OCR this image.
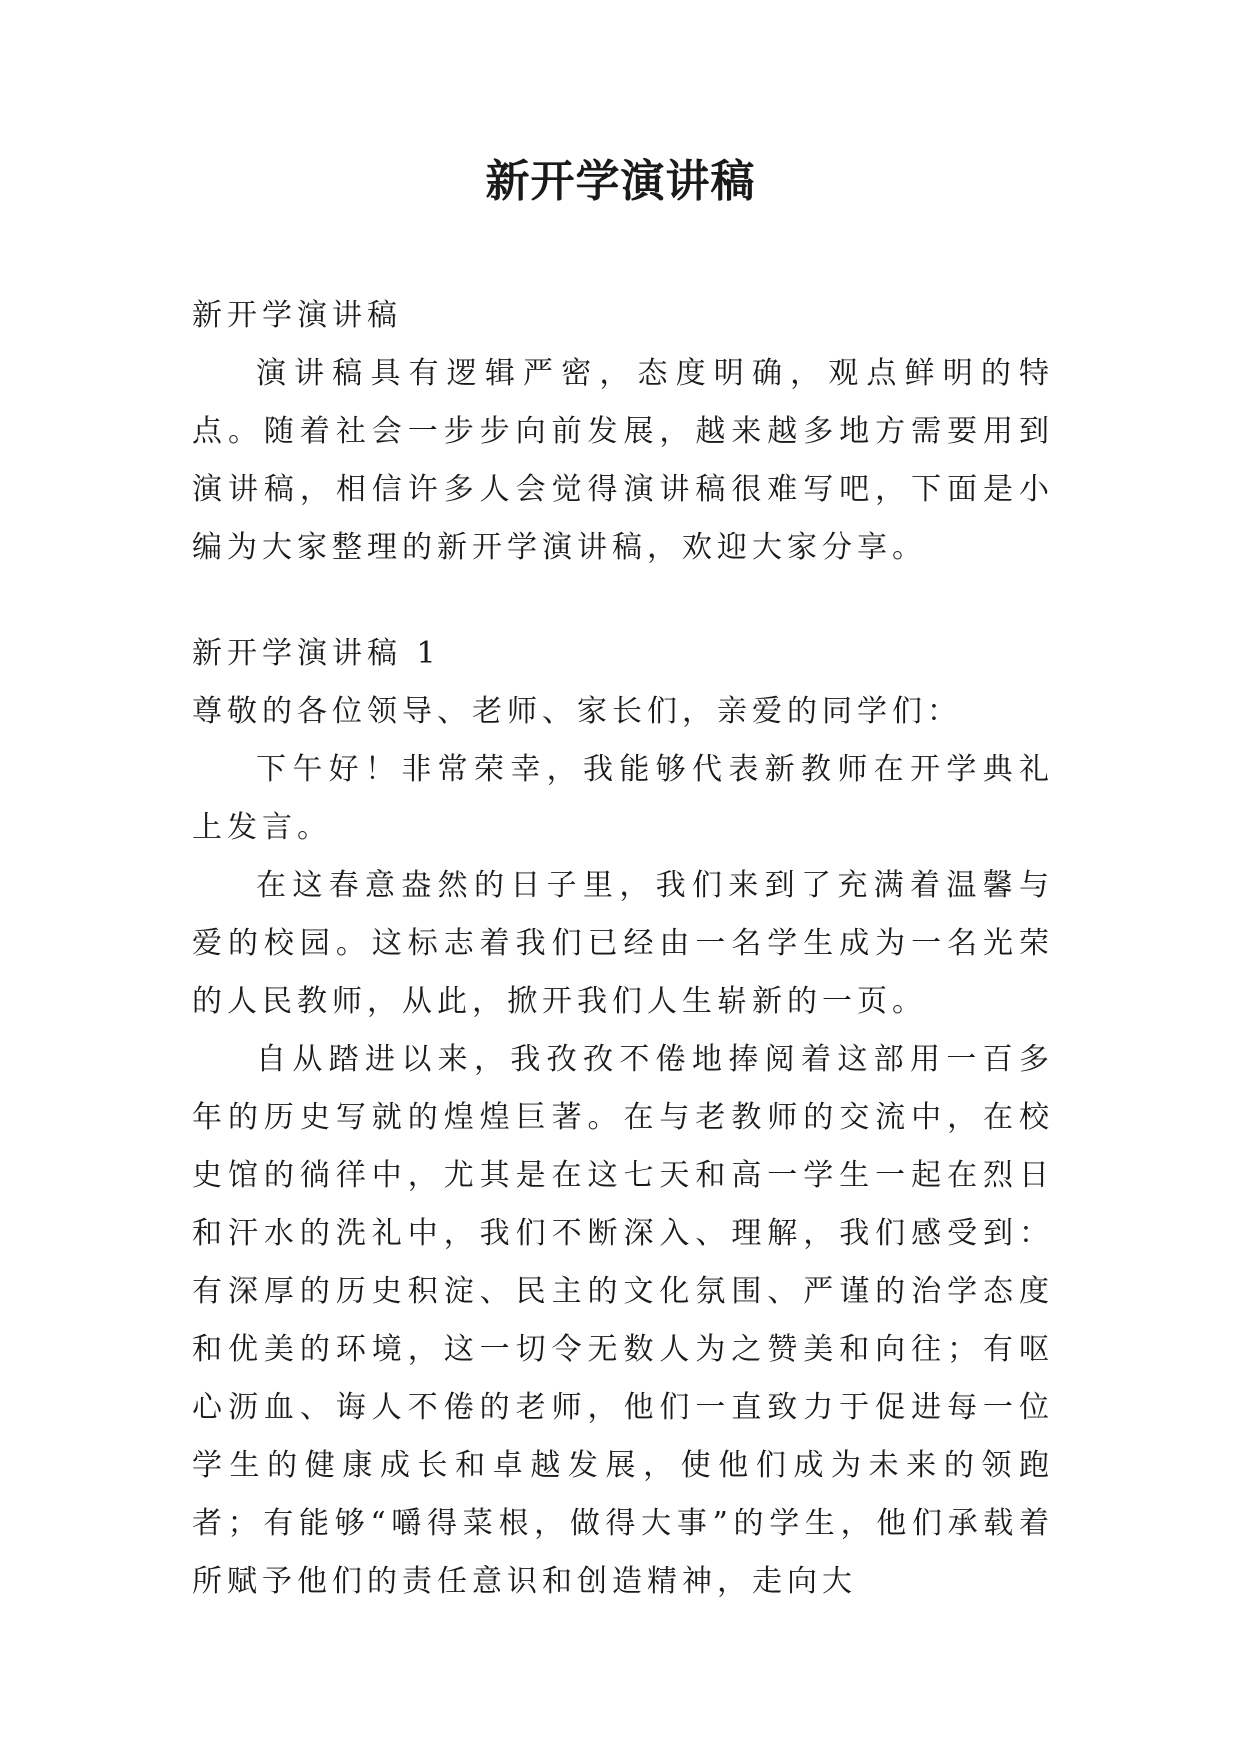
新开学演讲稿

新开学演讲稿

演讲稿具有逻辑严密，态度明确，观点鲜明的特点。随着社会一步步向前发展，越来越多地方需要用到演讲稿，相信许多人会觉得演讲稿很难写吧，下面是小编为大家整理的新开学演讲稿，欢迎大家分享。

新开学演讲稿 1

尊敬的各位领导、老师、家长们，亲爱的同学们：

下午好！非常荣幸，我能够代表新教师在开学典礼上发言。

在这春意盎然的日子里，我们来到了充满着温馨与爱的校园。这标志着我们已经由一名学生成为一名光荣的人民教师，从此，掀开我们人生崭新的一页。

自从踏进以来，我孜孜不倦地捧阅着这部用一百多年的历史写就的煌煌巨著。在与老教师的交流中，在校史馆的徜徉中，尤其是在这七天和高一学生一起在烈日和汗水的洗礼中，我们不断深入、理解，我们感受到：有深厚的历史积淀、民主的文化氛围、严谨的治学态度和优美的环境，这一切令无数人为之赞美和向往；有呕心沥血、诲人不倦的老师，他们一直致力于促进每一位学生的健康成长和卓越发展，使他们成为未来的领跑者；有能够“嚼得菜根，做得大事”的学生，他们承载着所赋予他们的责任意识和创造精神，走向大
